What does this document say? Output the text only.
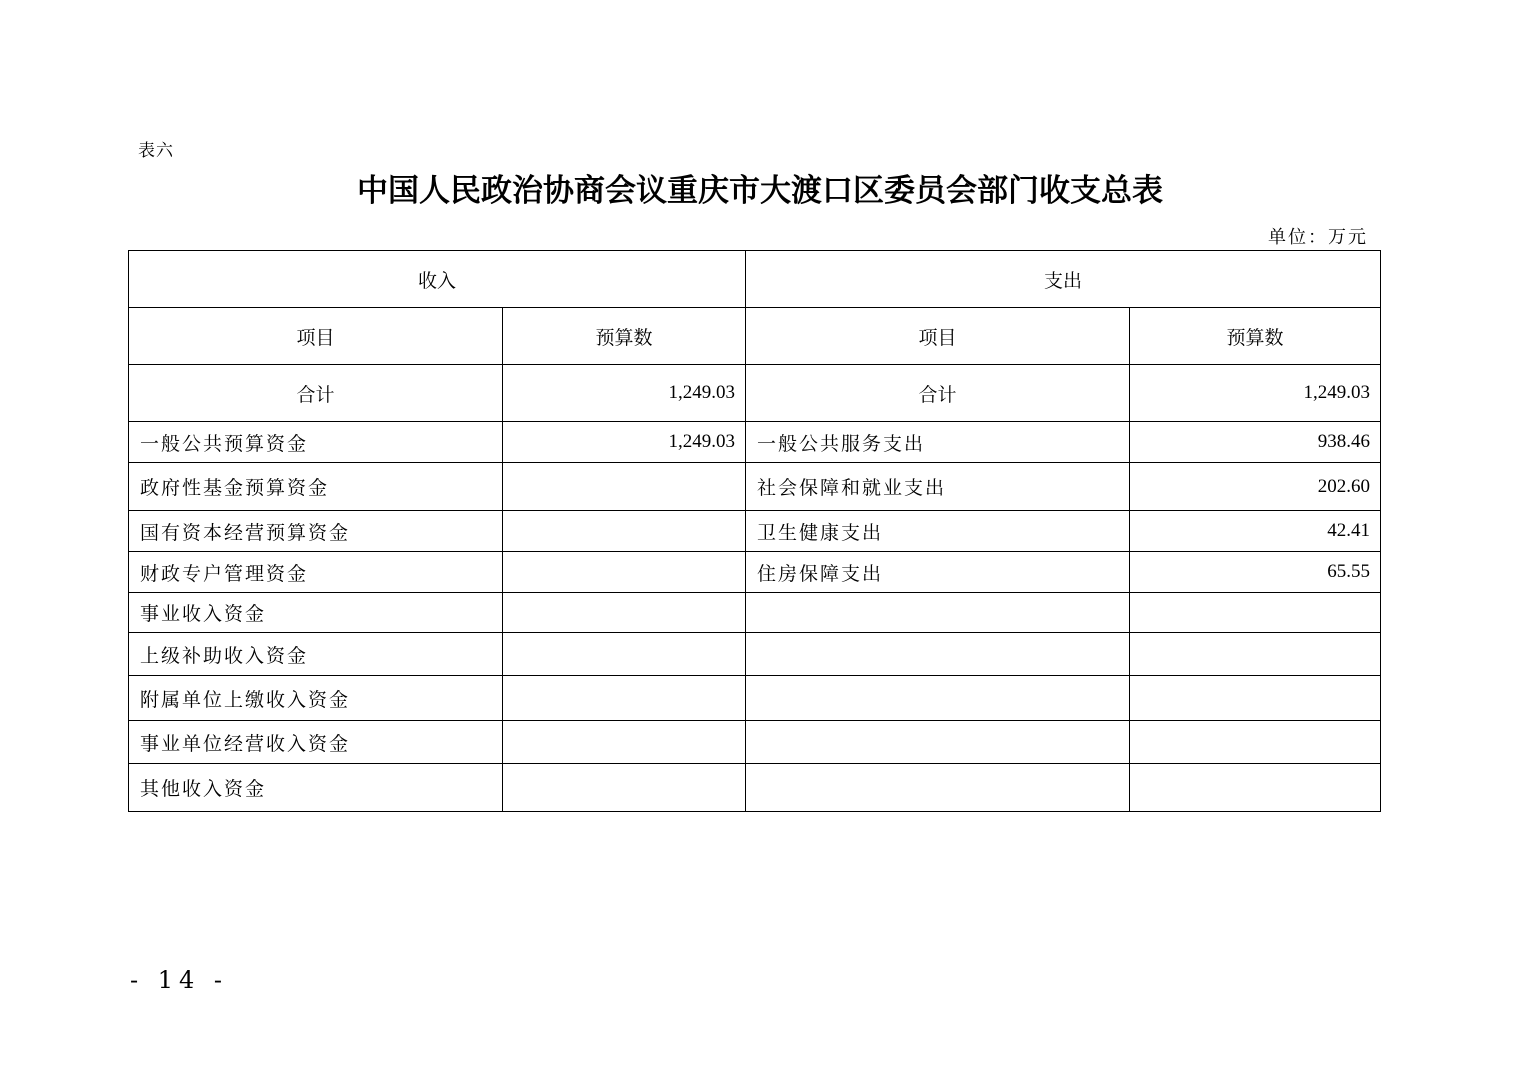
表六
中国人民政治协商会议重庆市大渡口区委员会部门收支总表
单位：万元
收入		支出	
项目	预算数	项目	预算数
合计	1,249.03	合计	1,249.03
一般公共预算资金	1,249.03	一般公共服务支出	938.46
政府性基金预算资金		社会保障和就业支出	202.60
国有资本经营预算资金		卫生健康支出	42.41
财政专户管理资金		住房保障支出	65.55
事业收入资金			
上级补助收入资金			
附属单位上缴收入资金			
事业单位经营收入资金			
其他收入资金			
- 14 -
